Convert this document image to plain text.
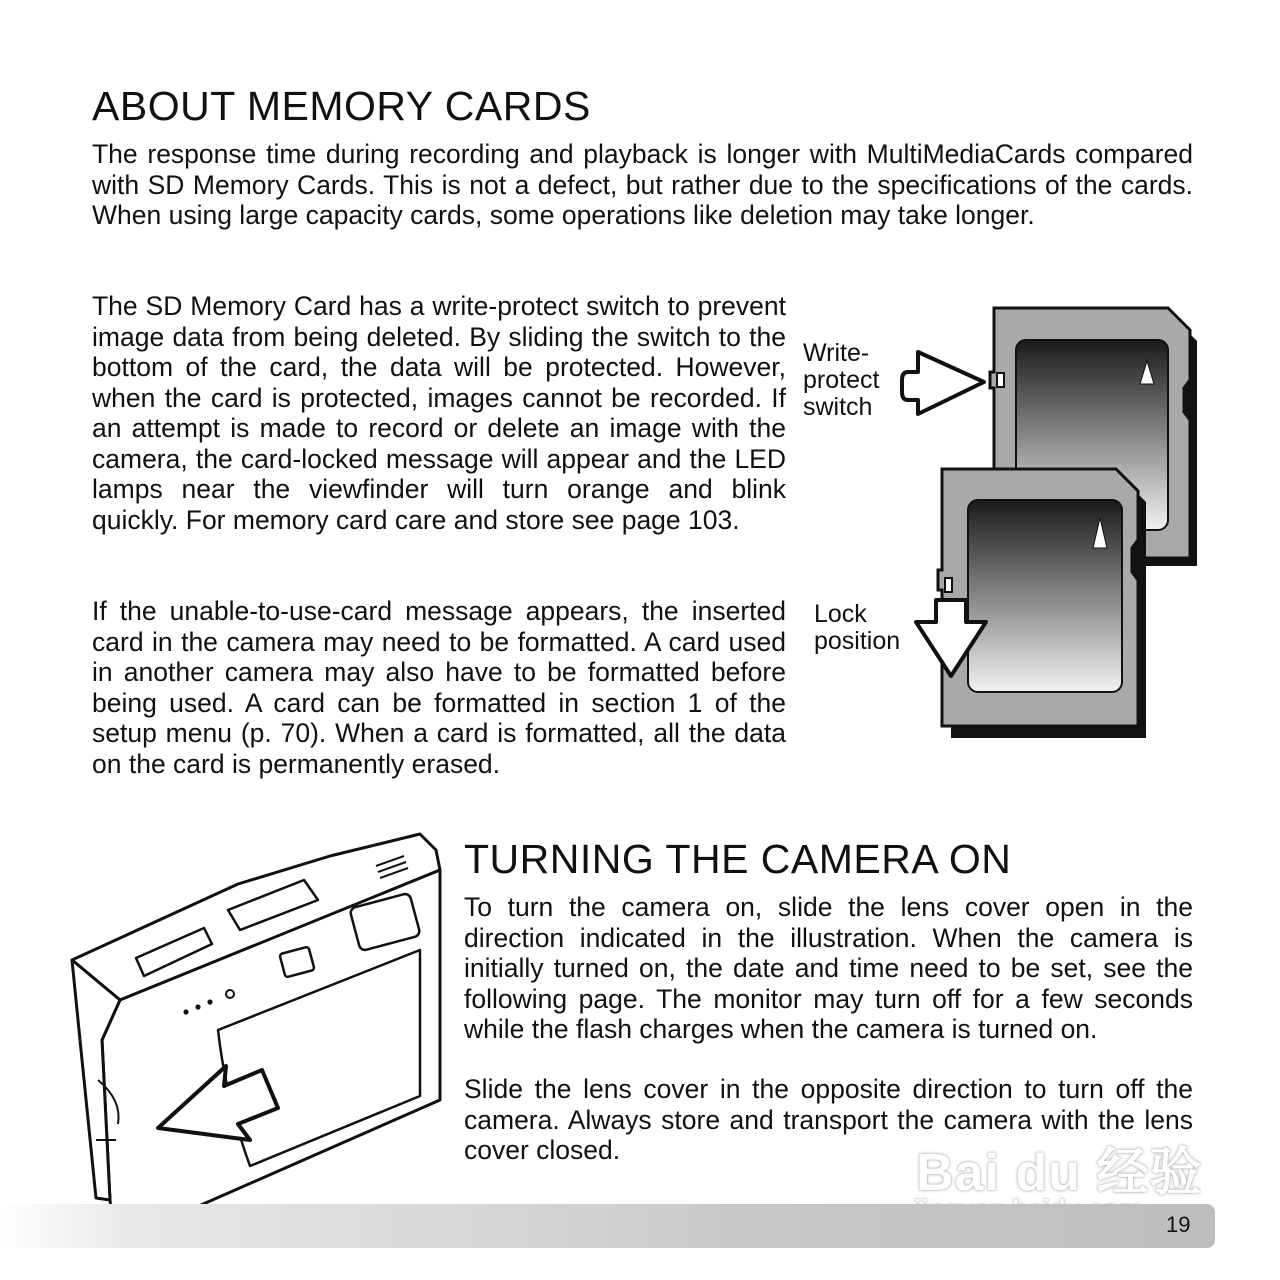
ABOUT MEMORY CARDS

The response time during recording and playback is longer with MultiMediaCards compared with SD Memory Cards. This is not a defect, but rather due to the specifications of the cards. When using large capacity cards, some operations like deletion may take longer.

The SD Memory Card has a write-protect switch to prevent image data from being deleted. By sliding the switch to the bottom of the card, the data will be protected. However, when the card is protected, images cannot be recorded. If an attempt is made to record or delete an image with the camera, the card-locked message will appear and the LED lamps near the viewfinder will turn orange and blink quickly. For memory card care and store see page 103.

If the unable-to-use-card message appears, the inserted card in the camera may need to be formatted. A card used in another camera may also have to be formatted before being used. A card can be formatted in section 1 of the setup menu (p. 70). When a card is formatted, all the data on the card is permanently erased.

Write-
protect
switch
Lock
position
TURNING THE CAMERA ON

To turn the camera on, slide the lens cover open in the direction indicated in the illustration. When the camera is initially turned on, the date and time need to be set, see the following page. The monitor may turn off for a few seconds while the flash charges when the camera is turned on.

Slide the lens cover in the opposite direction to turn off the camera. Always store and transport the camera with the lens cover closed.	Bai du 经验
19
